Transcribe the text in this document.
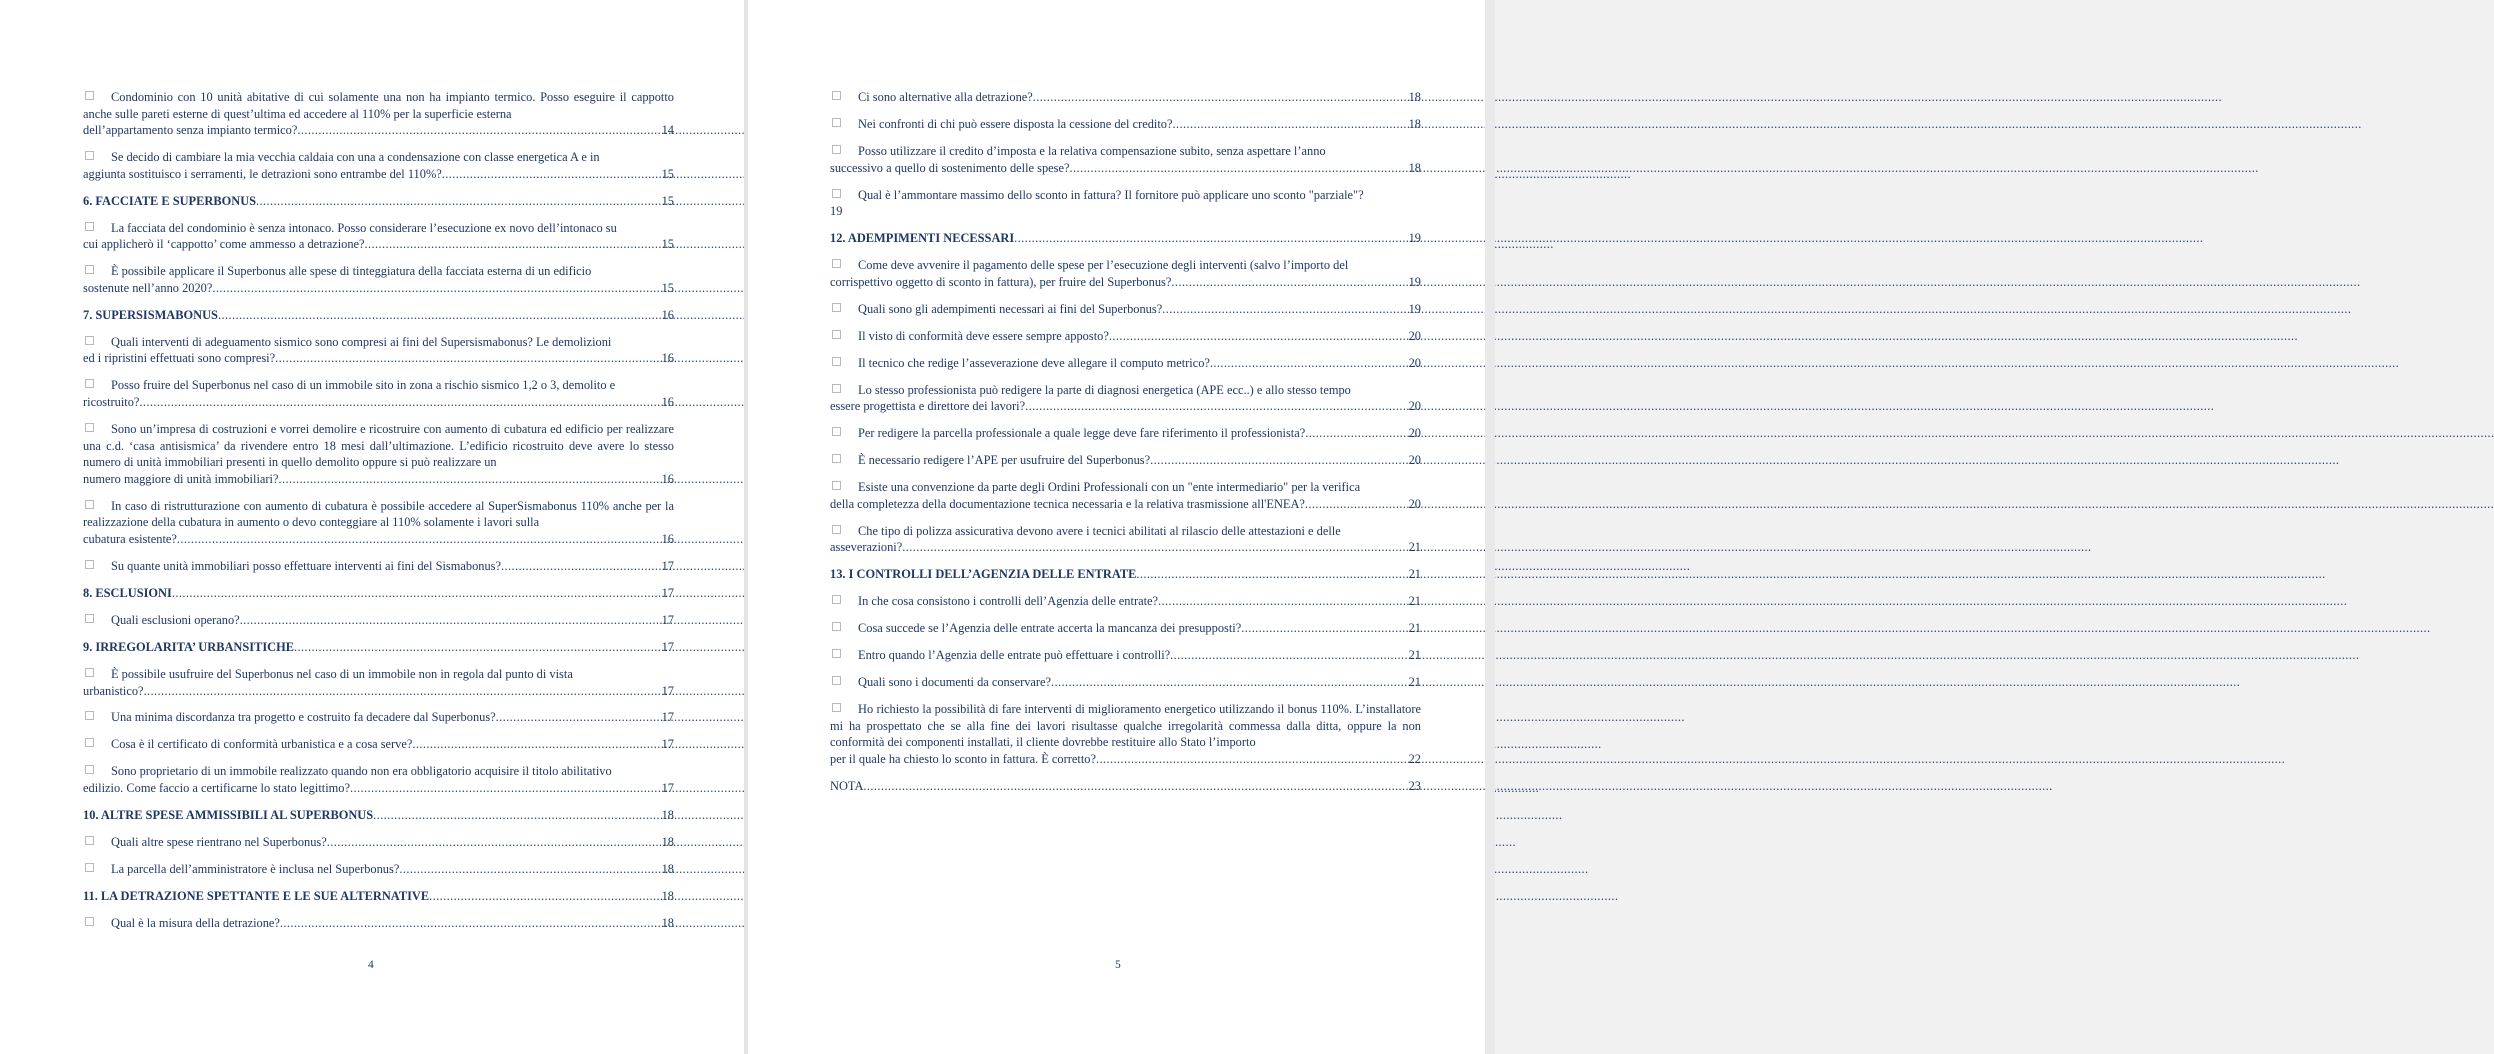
Condominio con 10 unità abitative di cui solamente una non ha impianto termico. Posso eseguire il cappotto anche sulle pareti esterne di quest’ultima ed accedere al 110% per la superficie esterna
dell’appartamento senza impianto termico? .....	14
Se decido di cambiare la mia vecchia caldaia con una a condensazione con classe energetica A e in
aggiunta sostituisco i serramenti, le detrazioni sono entrambe del 110%? .....	15
6. FACCIATE E SUPERBONUS .....	15
La facciata del condominio è senza intonaco. Posso considerare l’esecuzione ex novo dell’intonaco su
cui applicherò il ‘cappotto’ come ammesso a detrazione? .....	15
È possibile applicare il Superbonus alle spese di tinteggiatura della facciata esterna di un edificio
sostenute nell’anno 2020? .....	15
7. SUPERSISMABONUS .....	16
Quali interventi di adeguamento sismico sono compresi ai fini del Supersismabonus? Le demolizioni
ed i ripristini effettuati sono compresi? .....	16
Posso fruire del Superbonus nel caso di un immobile sito in zona a rischio sismico 1,2 o 3, demolito e
ricostruito? .....	16
Sono un’impresa di costruzioni e vorrei demolire e ricostruire con aumento di cubatura ed edificio per realizzare una c.d. ‘casa antisismica’ da rivendere entro 18 mesi dall’ultimazione. L’edificio ricostruito deve avere lo stesso numero di unità immobiliari presenti in quello demolito oppure si può realizzare un
numero maggiore di unità immobiliari? .....	16
In caso di ristrutturazione con aumento di cubatura è possibile accedere al SuperSismabonus 110% anche per la realizzazione della cubatura in aumento o devo conteggiare al 110% solamente i lavori sulla
cubatura esistente? .....	16
Su quante unità immobiliari posso effettuare interventi ai fini del Sismabonus? .....	17
8. ESCLUSIONI .....	17
Quali esclusioni operano? .....	17
9. IRREGOLARITA’ URBANSITICHE .....	17
È possibile usufruire del Superbonus nel caso di un immobile non in regola dal punto di vista
urbanistico? .....	17
Una minima discordanza tra progetto e costruito fa decadere dal Superbonus? .....	17
Cosa è il certificato di conformità urbanistica e a cosa serve? .....	17
Sono proprietario di un immobile realizzato quando non era obbligatorio acquisire il titolo abilitativo
edilizio. Come faccio a certificarne lo stato legittimo? .....	17
10. ALTRE SPESE AMMISSIBILI AL SUPERBONUS .....	18
Quali altre spese rientrano nel Superbonus? .....	18
La parcella dell’amministratore è inclusa nel Superbonus? .....	18
11. LA DETRAZIONE SPETTANTE E LE SUE ALTERNATIVE .....	18
Qual è la misura della detrazione? .....	18
4
Ci sono alternative alla detrazione? .....	18
Nei confronti di chi può essere disposta la cessione del credito? .....	18
Posso utilizzare il credito d’imposta e la relativa compensazione subito, senza aspettare l’anno
successivo a quello di sostenimento delle spese? .....	18
Qual è l’ammontare massimo dello sconto in fattura? Il fornitore può applicare uno sconto "parziale"?
19
12. ADEMPIMENTI NECESSARI .....	19
Come deve avvenire il pagamento delle spese per l’esecuzione degli interventi (salvo l’importo del
corrispettivo oggetto di sconto in fattura), per fruire del Superbonus? .....	19
Quali sono gli adempimenti necessari ai fini del Superbonus? .....	19
Il visto di conformità deve essere sempre apposto? .....	20
Il tecnico che redige l’asseverazione deve allegare il computo metrico? .....	20
Lo stesso professionista può redigere la parte di diagnosi energetica (APE ecc..) e allo stesso tempo
essere progettista e direttore dei lavori? .....	20
Per redigere la parcella professionale a quale legge deve fare riferimento il professionista? .....	20
È necessario redigere l’APE per usufruire del Superbonus? .....	20
Esiste una convenzione da parte degli Ordini Professionali con un "ente intermediario" per la verifica
della completezza della documentazione tecnica necessaria e la relativa trasmissione all'ENEA? .....	20
Che tipo di polizza assicurativa devono avere i tecnici abilitati al rilascio delle attestazioni e delle
asseverazioni? .....	21
13. I CONTROLLI DELL’AGENZIA DELLE ENTRATE .....	21
In che cosa consistono i controlli dell’Agenzia delle entrate? .....	21
Cosa succede se l’Agenzia delle entrate accerta la mancanza dei presupposti? .....	21
Entro quando l’Agenzia delle entrate può effettuare i controlli? .....	21
Quali sono i documenti da conservare? .....	21
Ho richiesto la possibilità di fare interventi di miglioramento energetico utilizzando il bonus 110%. L’installatore mi ha prospettato che se alla fine dei lavori risultasse qualche irregolarità commessa dalla ditta, oppure la non conformità dei componenti installati, il cliente dovrebbe restituire allo Stato l’importo
per il quale ha chiesto lo sconto in fattura. È corretto? .....	22
NOTA .....	23
5
